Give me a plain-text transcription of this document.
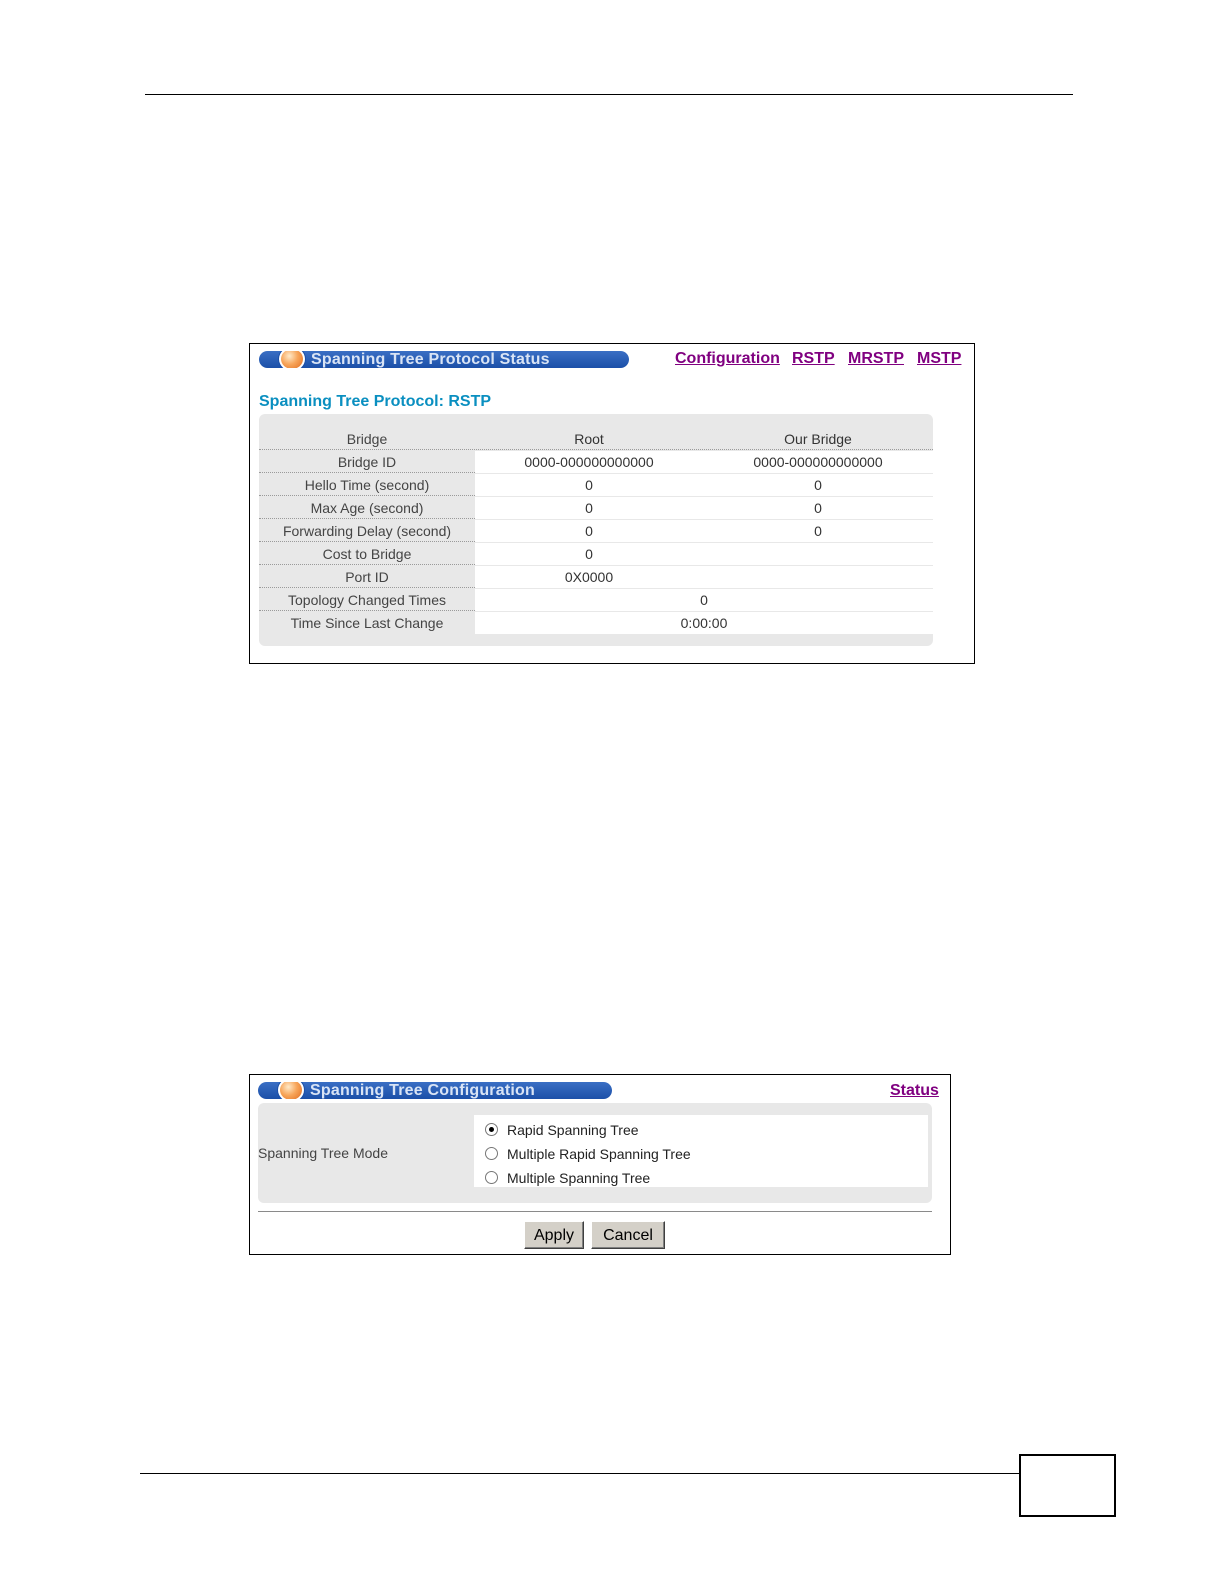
Spanning Tree Protocol Status	Configuration RSTP MRSTP MSTP
Spanning Tree Protocol: RSTP
Bridge	Root	Our Bridge
Bridge ID	0000-000000000000	0000-000000000000
Hello Time (second)	0	0
Max Age (second)	0	0
Forwarding Delay (second)	0	0
Cost to Bridge	0
Port ID	0X0000
Topology Changed Times	0
Time Since Last Change	0:00:00
Spanning Tree Configuration	Status
Spanning Tree Mode
Rapid Spanning Tree
Multiple Rapid Spanning Tree
Multiple Spanning Tree
Apply	Cancel
